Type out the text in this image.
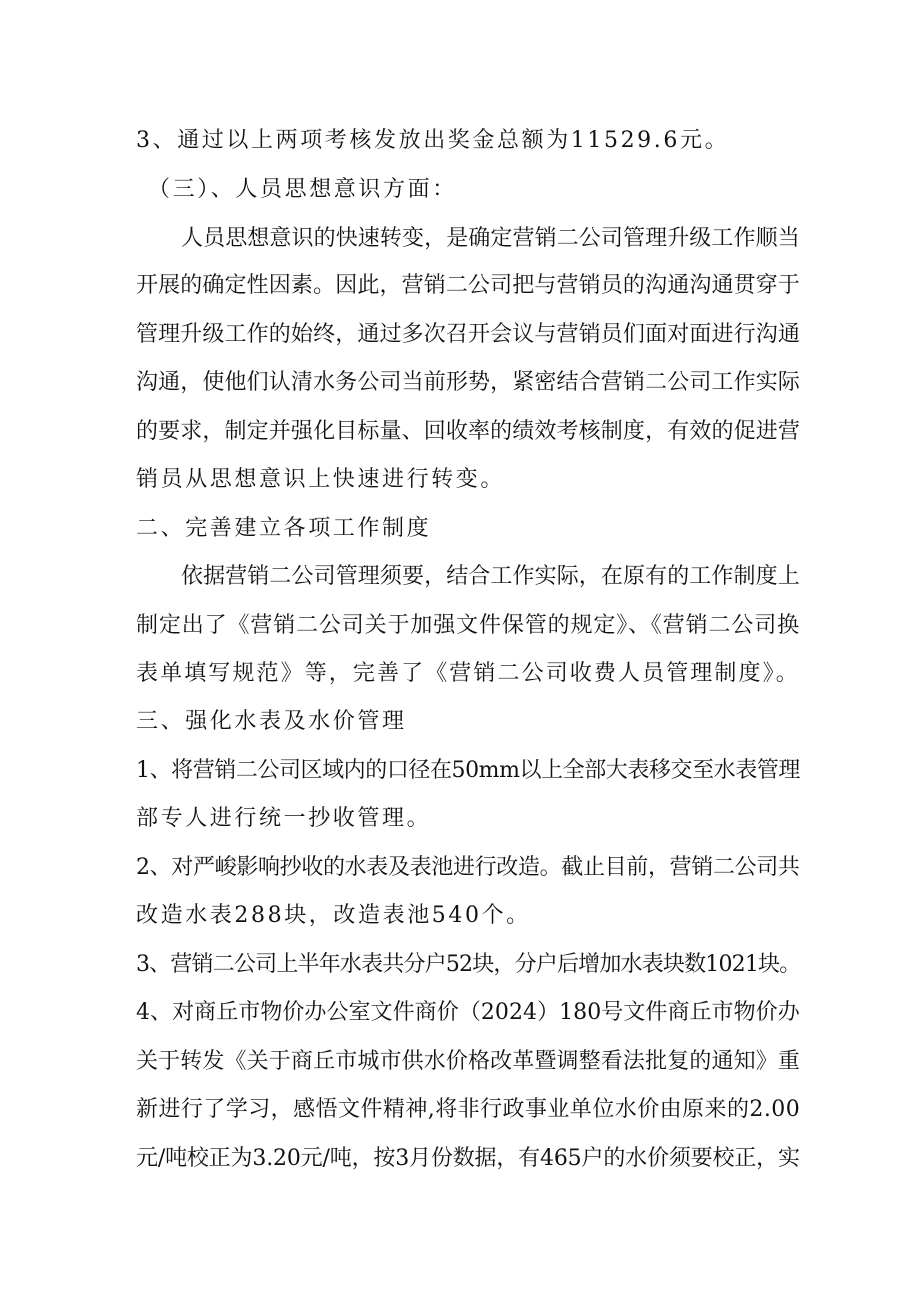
3、通过以上两项考核发放出奖金总额为11529.6元。
（三）、人员思想意识方面：
人员思想意识的快速转变，是确定营销二公司管理升级工作顺当
开展的确定性因素。因此，营销二公司把与营销员的沟通沟通贯穿于
管理升级工作的始终，通过多次召开会议与营销员们面对面进行沟通
沟通，使他们认清水务公司当前形势，紧密结合营销二公司工作实际
的要求，制定并强化目标量、回收率的绩效考核制度，有效的促进营
销员从思想意识上快速进行转变。
二、完善建立各项工作制度
依据营销二公司管理须要，结合工作实际，在原有的工作制度上
制定出了《营销二公司关于加强文件保管的规定》、《营销二公司换
表单填写规范》等，完善了《营销二公司收费人员管理制度》。
三、强化水表及水价管理
1、将营销二公司区域内的口径在50mm以上全部大表移交至水表管理
部专人进行统一抄收管理。
2、对严峻影响抄收的水表及表池进行改造。截止目前，营销二公司共
改造水表288块，改造表池540个。
3、营销二公司上半年水表共分户52块，分户后增加水表块数1021块。
4、对商丘市物价办公室文件商价（2024）180号文件商丘市物价办
关于转发《关于商丘市城市供水价格改革暨调整看法批复的通知》重
新进行了学习，感悟文件精神,将非行政事业单位水价由原来的2.00
元/吨校正为3.20元/吨，按3月份数据，有465户的水价须要校正，实
